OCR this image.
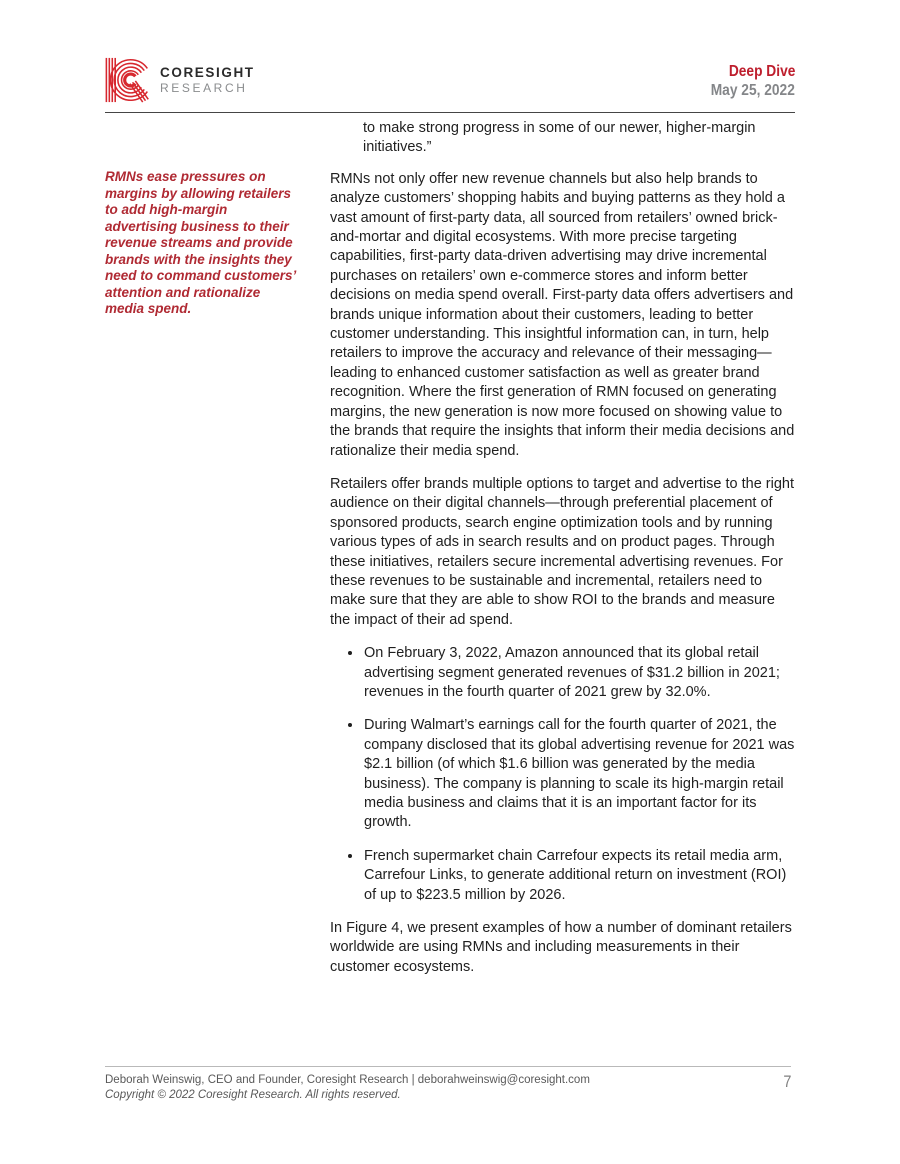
CORESIGHT
RESEARCH
Deep Dive
May 25, 2022

RMNs ease pressures on margins by allowing retailers to add high-margin advertising business to their revenue streams and provide brands with the insights they need to command customers’ attention and rationalize media spend.

to make strong progress in some of our newer, higher-margin initiatives.”

RMNs not only offer new revenue channels but also help brands to analyze customers’ shopping habits and buying patterns as they hold a vast amount of first-party data, all sourced from retailers’ owned brick-and-mortar and digital ecosystems. With more precise targeting capabilities, first-party data-driven advertising may drive incremental purchases on retailers’ own e-commerce stores and inform better decisions on media spend overall. First-party data offers advertisers and brands unique information about their customers, leading to better customer understanding. This insightful information can, in turn, help retailers to improve the accuracy and relevance of their messaging—leading to enhanced customer satisfaction as well as greater brand recognition. Where the first generation of RMN focused on generating margins, the new generation is now more focused on showing value to the brands that require the insights that inform their media decisions and rationalize their media spend.

Retailers offer brands multiple options to target and advertise to the right audience on their digital channels—through preferential placement of sponsored products, search engine optimization tools and by running various types of ads in search results and on product pages. Through these initiatives, retailers secure incremental advertising revenues. For these revenues to be sustainable and incremental, retailers need to make sure that they are able to show ROI to the brands and measure the impact of their ad spend.

• On February 3, 2022, Amazon announced that its global retail advertising segment generated revenues of $31.2 billion in 2021; revenues in the fourth quarter of 2021 grew by 32.0%.
• During Walmart’s earnings call for the fourth quarter of 2021, the company disclosed that its global advertising revenue for 2021 was $2.1 billion (of which $1.6 billion was generated by the media business). The company is planning to scale its high-margin retail media business and claims that it is an important factor for its growth.
• French supermarket chain Carrefour expects its retail media arm, Carrefour Links, to generate additional return on investment (ROI) of up to $223.5 million by 2026.

In Figure 4, we present examples of how a number of dominant retailers worldwide are using RMNs and including measurements in their customer ecosystems.

Deborah Weinswig, CEO and Founder, Coresight Research | deborahweinswig@coresight.com
Copyright © 2022 Coresight Research. All rights reserved.
7
